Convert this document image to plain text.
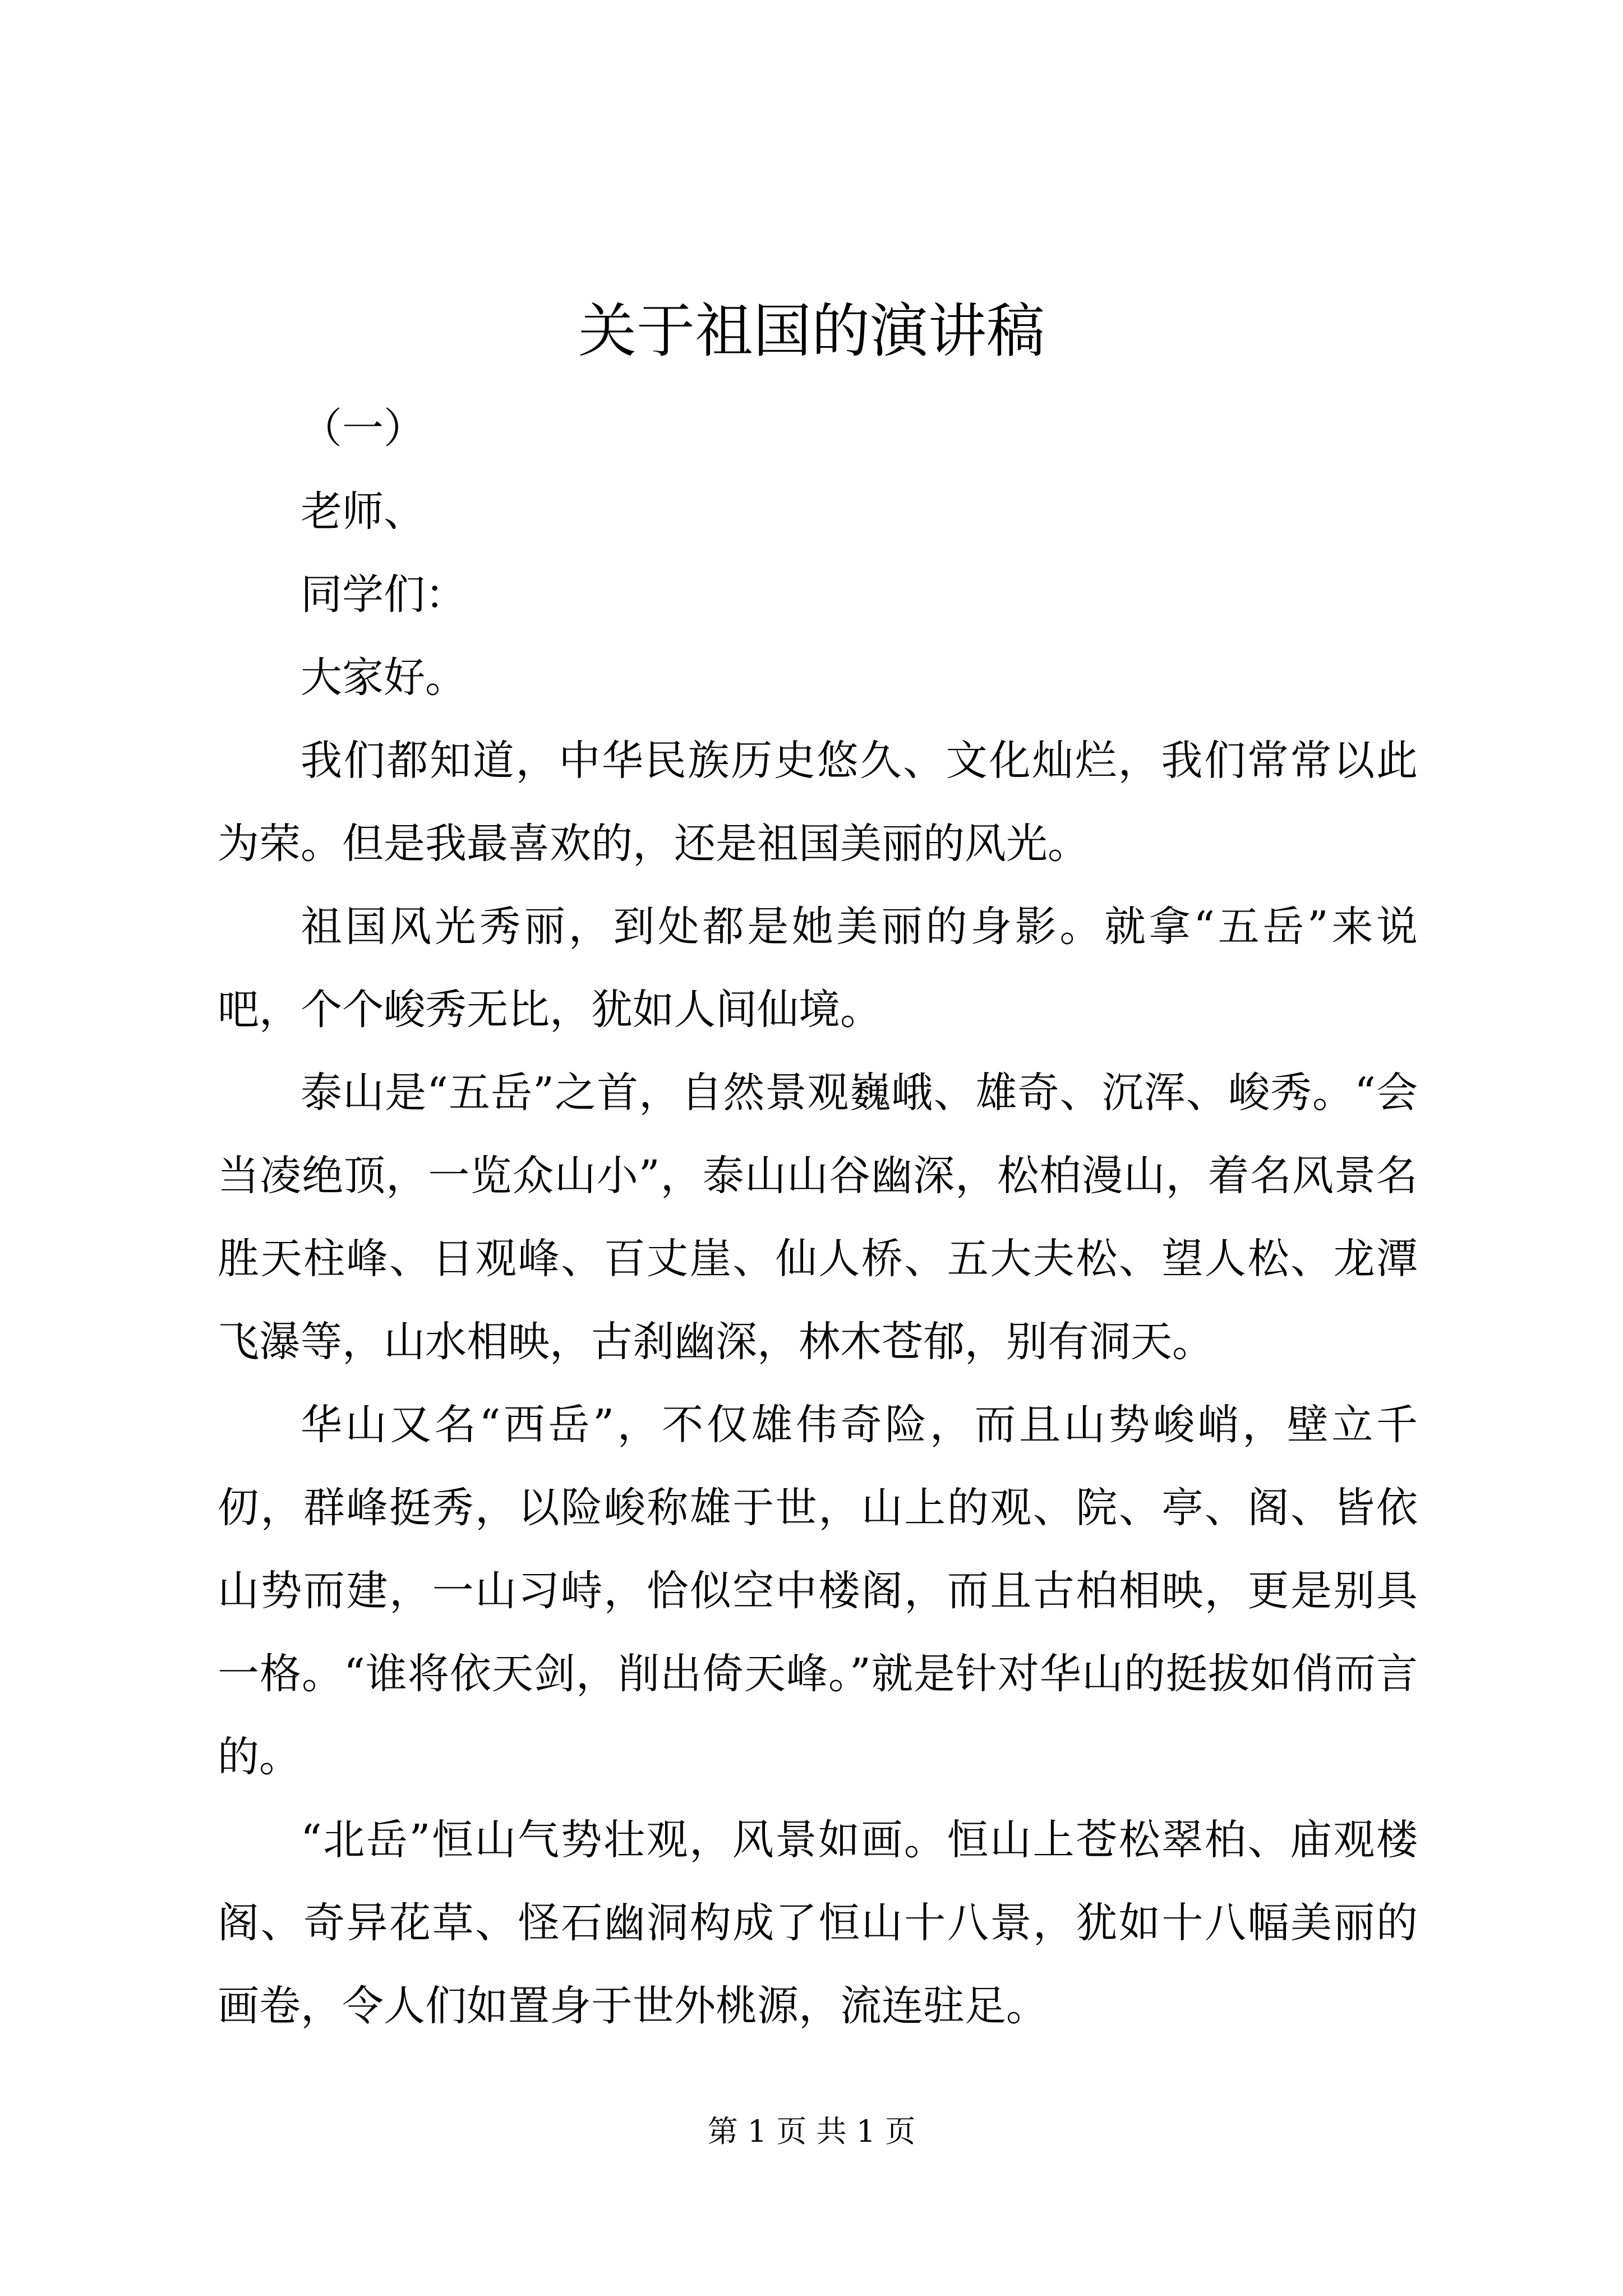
关于祖国的演讲稿

（一）

老师、

同学们：

大家好。

我们都知道，中华民族历史悠久、文化灿烂，我们常常以此为荣。但是我最喜欢的，还是祖国美丽的风光。

祖国风光秀丽，到处都是她美丽的身影。就拿“五岳”来说吧，个个峻秀无比，犹如人间仙境。

泰山是“五岳”之首，自然景观巍峨、雄奇、沉浑、峻秀。“会当凌绝顶，一览众山小”，泰山山谷幽深，松柏漫山，着名风景名胜天柱峰、日观峰、百丈崖、仙人桥、五大夫松、望人松、龙潭飞瀑等，山水相映，古刹幽深，林木苍郁，别有洞天。

华山又名“西岳”，不仅雄伟奇险，而且山势峻峭，壁立千仞，群峰挺秀，以险峻称雄于世，山上的观、院、亭、阁、皆依山势而建，一山习峙，恰似空中楼阁，而且古柏相映，更是别具一格。“谁将依天剑，削出倚天峰。”就是针对华山的挺拔如俏而言的。

“北岳”恒山气势壮观，风景如画。恒山上苍松翠柏、庙观楼阁、奇异花草、怪石幽洞构成了恒山十八景，犹如十八幅美丽的画卷，令人们如置身于世外桃源，流连驻足。

第 1 页 共 1 页
